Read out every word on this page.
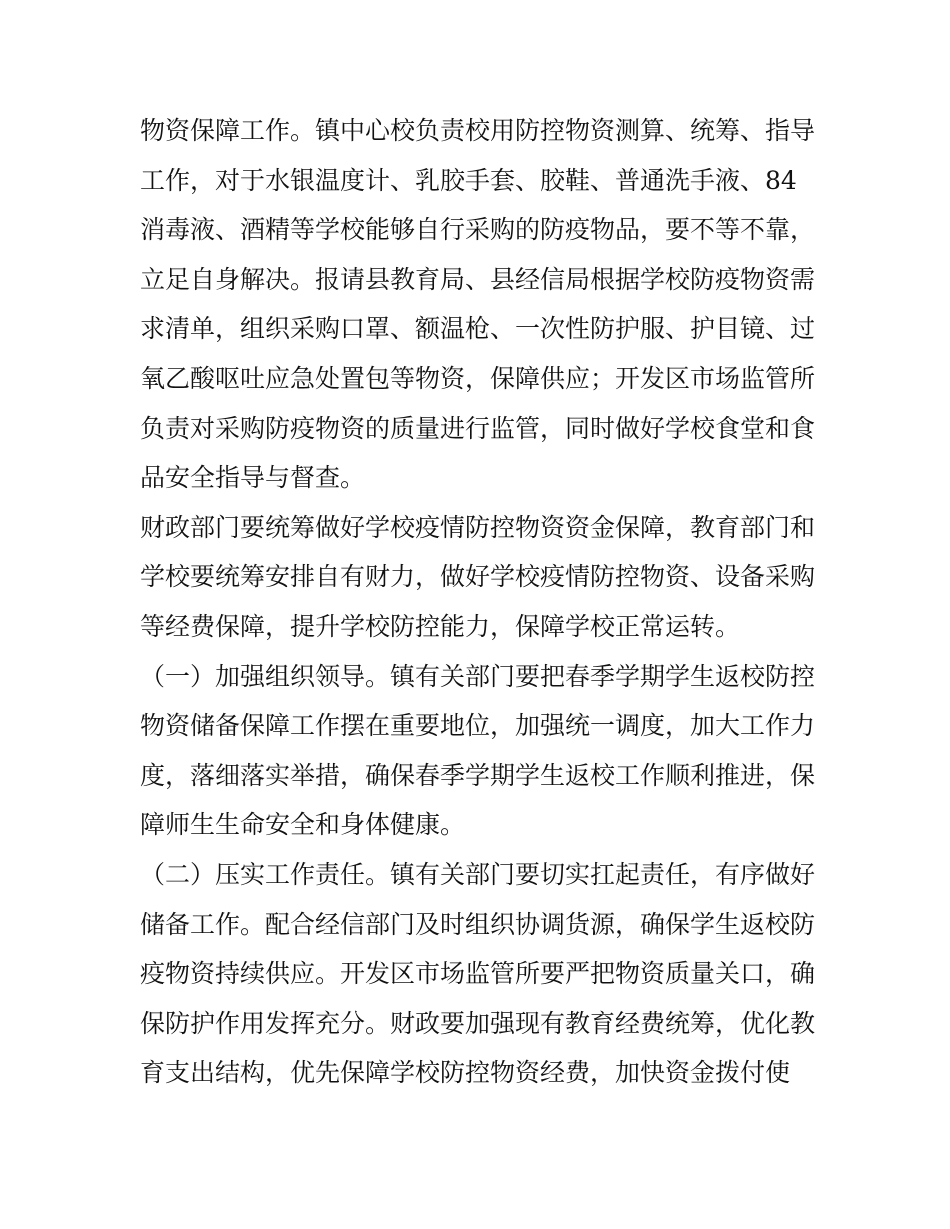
物资保障工作。镇中心校负责校用防控物资测算、统筹、指导
工作，对于水银温度计、乳胶手套、胶鞋、普通洗手液、84
消毒液、酒精等学校能够自行采购的防疫物品，要不等不靠，
立足自身解决。报请县教育局、县经信局根据学校防疫物资需
求清单，组织采购口罩、额温枪、一次性防护服、护目镜、过
氧乙酸呕吐应急处置包等物资，保障供应；开发区市场监管所
负责对采购防疫物资的质量进行监管，同时做好学校食堂和食
品安全指导与督查。
财政部门要统筹做好学校疫情防控物资资金保障，教育部门和
学校要统筹安排自有财力，做好学校疫情防控物资、设备采购
等经费保障，提升学校防控能力，保障学校正常运转。
（一）加强组织领导。镇有关部门要把春季学期学生返校防控
物资储备保障工作摆在重要地位，加强统一调度，加大工作力
度，落细落实举措，确保春季学期学生返校工作顺利推进，保
障师生生命安全和身体健康。
（二）压实工作责任。镇有关部门要切实扛起责任，有序做好
储备工作。配合经信部门及时组织协调货源，确保学生返校防
疫物资持续供应。开发区市场监管所要严把物资质量关口，确
保防护作用发挥充分。财政要加强现有教育经费统筹，优化教
育支出结构，优先保障学校防控物资经费，加快资金拨付使
